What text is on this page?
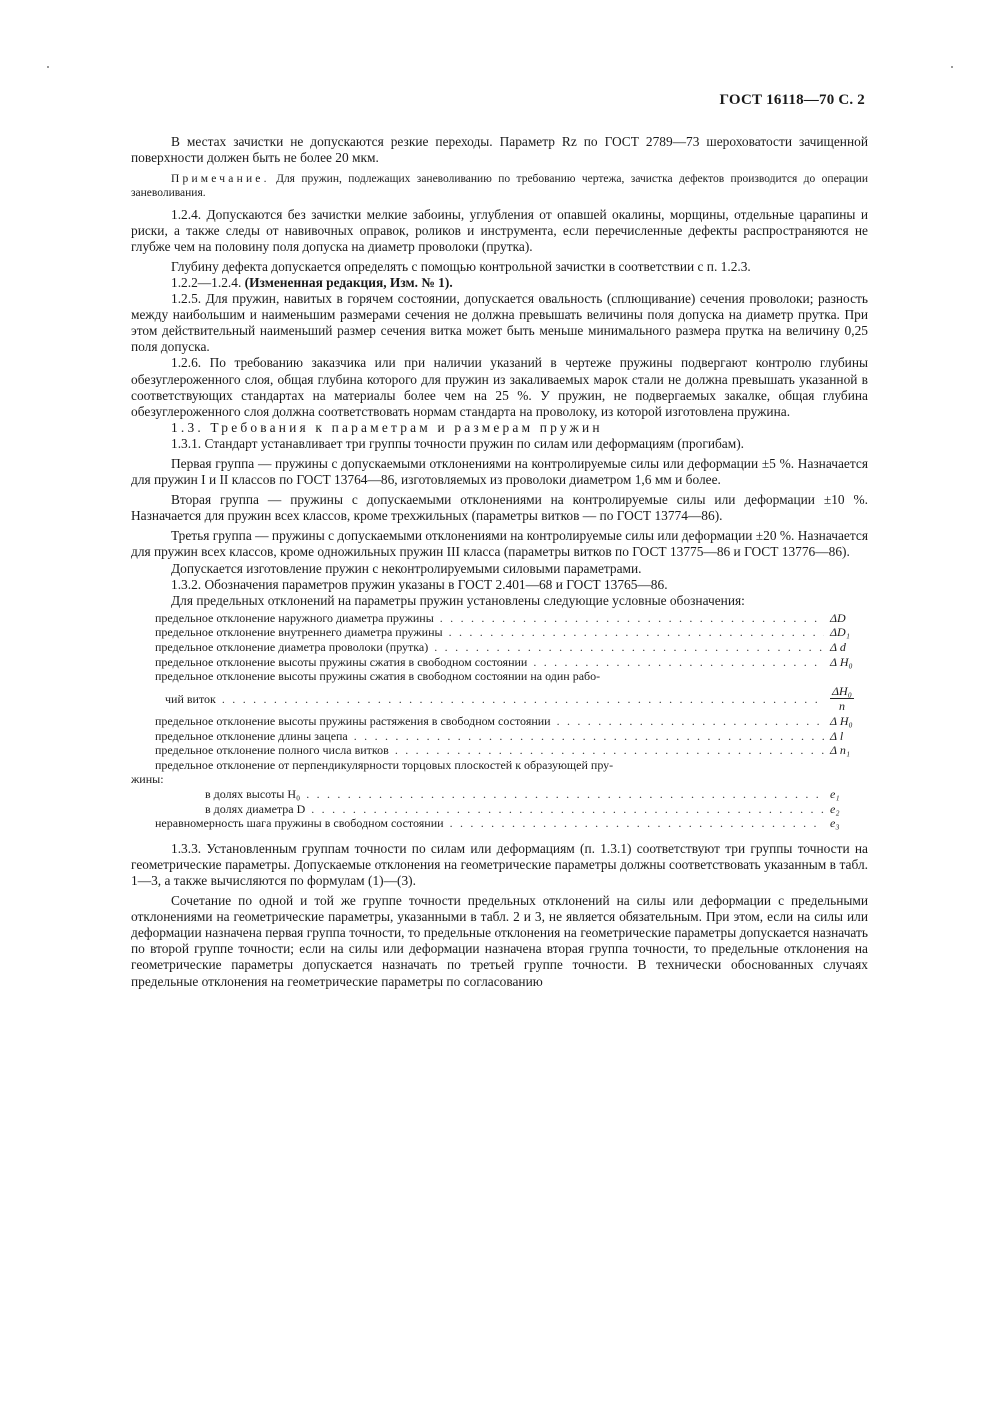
ГОСТ 16118—70 С. 2

В местах зачистки не допускаются резкие переходы. Параметр Rz по ГОСТ 2789—73 шероховатости зачищенной поверхности должен быть не более 20 мкм.

Примечание. Для пружин, подлежащих заневоливанию по требованию чертежа, зачистка дефектов производится до операции заневоливания.

1.2.4. Допускаются без зачистки мелкие забоины, углубления от опавшей окалины, морщины, отдельные царапины и риски, а также следы от навивочных оправок, роликов и инструмента, если перечисленные дефекты распространяются не глубже чем на половину поля допуска на диаметр проволоки (прутка).

Глубину дефекта допускается определять с помощью контрольной зачистки в соответствии с п. 1.2.3.

1.2.2—1.2.4. (Измененная редакция, Изм. № 1).

1.2.5. Для пружин, навитых в горячем состоянии, допускается овальность (сплющивание) сечения проволоки; разность между наибольшим и наименьшим размерами сечения не должна превышать величины поля допуска на диаметр прутка. При этом действительный наименьший размер сечения витка может быть меньше минимального размера прутка на величину 0,25 поля допуска.

1.2.6. По требованию заказчика или при наличии указаний в чертеже пружины подвергают контролю глубины обезуглероженного слоя, общая глубина которого для пружин из закаливаемых марок стали не должна превышать указанной в соответствующих стандартах на материалы более чем на 25 %. У пружин, не подвергаемых закалке, общая глубина обезуглероженного слоя должна соответствовать нормам стандарта на проволоку, из которой изготовлена пружина.

1.3. Требования к параметрам и размерам пружин

1.3.1. Стандарт устанавливает три группы точности пружин по силам или деформациям (прогибам).

Первая группа — пружины с допускаемыми отклонениями на контролируемые силы или деформации ±5 %. Назначается для пружин I и II классов по ГОСТ 13764—86, изготовляемых из проволоки диаметром 1,6 мм и более.

Вторая группа — пружины с допускаемыми отклонениями на контролируемые силы или деформации ±10 %. Назначается для пружин всех классов, кроме трехжильных (параметры витков — по ГОСТ 13774—86).

Третья группа — пружины с допускаемыми отклонениями на контролируемые силы или деформации ±20 %. Назначается для пружин всех классов, кроме одножильных пружин III класса (параметры витков по ГОСТ 13775—86 и ГОСТ 13776—86).

Допускается изготовление пружин с неконтролируемыми силовыми параметрами.

1.3.2. Обозначения параметров пружин указаны в ГОСТ 2.401—68 и ГОСТ 13765—86.

Для предельных отклонений на параметры пружин установлены следующие условные обозначения:

предельное отклонение наружного диаметра пружины . . .	ΔD
предельное отклонение внутреннего диаметра пружины . . .	ΔD₁
предельное отклонение диаметра проволоки (прутка) . . .	Δ d
предельное отклонение высоты пружины сжатия в свободном состоянии . . .	Δ H₀
предельное отклонение высоты пружины сжатия в свободном состоянии на один рабо-
чий виток
. . .	$\frac{\text{ΔH₀}}{n}$
предельное отклонение высоты пружины растяжения в свободном состоянии . . .	Δ H₀
предельное отклонение длины зацепа . . .	Δ l
предельное отклонение полного числа витков . . .	Δ n₁
предельное отклонение от перпендикулярности торцовых плоскостей к образующей пру-
жины:
в долях высоты H₀ . . .	e₁
в долях диаметра D . . .	e₂
неравномерность шага пружины в свободном состоянии . . .	e₃

1.3.3. Установленным группам точности по силам или деформациям (п. 1.3.1) соответствуют три группы точности на геометрические параметры. Допускаемые отклонения на геометрические параметры должны соответствовать указанным в табл. 1—3, а также вычисляются по формулам (1)—(3).

Сочетание по одной и той же группе точности предельных отклонений на силы или деформации с предельными отклонениями на геометрические параметры, указанными в табл. 2 и 3, не является обязательным. При этом, если на силы или деформации назначена первая группа точности, то предельные отклонения на геометрические параметры допускается назначать по второй группе точности; если на силы или деформации назначена вторая группа точности, то предельные отклонения на геометрические параметры допускается назначать по третьей группе точности. В технически обоснованных случаях предельные отклонения на геометрические параметры по согласованию
